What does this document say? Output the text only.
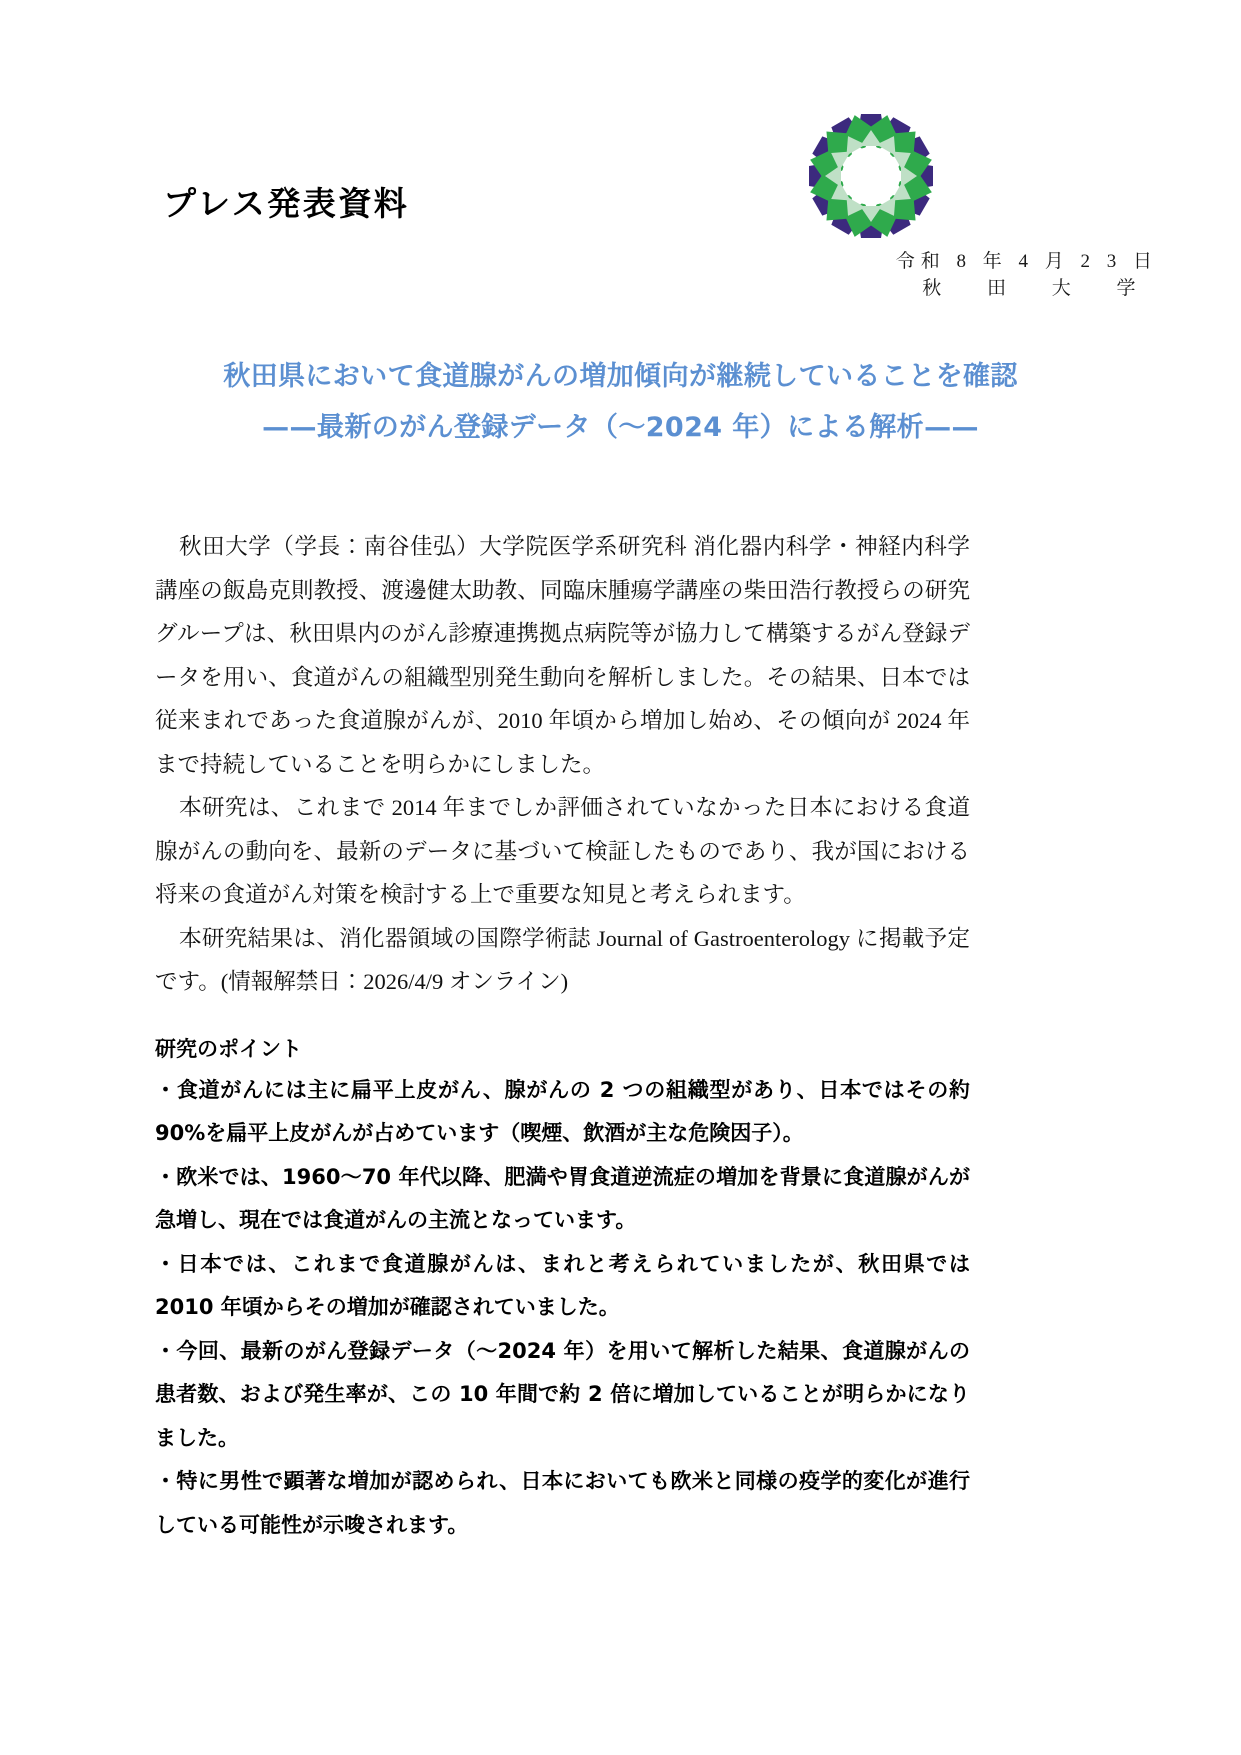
プレス発表資料
令和 8 年 4 月 2 3 日
秋 田 大 学
秋田県において食道腺がんの増加傾向が継続していることを確認
——最新のがん登録データ（〜2024 年）による解析——

秋田大学（学長：南谷佳弘）大学院医学系研究科 消化器内科学・神経内科学講座の飯島克則教授、渡邊健太助教、同臨床腫瘍学講座の柴田浩行教授らの研究グループは、秋田県内のがん診療連携拠点病院等が協力して構築するがん登録データを用い、食道がんの組織型別発生動向を解析しました。その結果、日本では従来まれであった食道腺がんが、2010 年頃から増加し始め、その傾向が 2024 年まで持続していることを明らかにしました。

本研究は、これまで 2014 年までしか評価されていなかった日本における食道腺がんの動向を、最新のデータに基づいて検証したものであり、我が国における将来の食道がん対策を検討する上で重要な知見と考えられます。

本研究結果は、消化器領域の国際学術誌 Journal of Gastroenterology に掲載予定です。(情報解禁日：2026/4/9 オンライン)

研究のポイント
・食道がんには主に扁平上皮がん、腺がんの 2 つの組織型があり、日本ではその約 90%を扁平上皮がんが占めています（喫煙、飲酒が主な危険因子）。
・欧米では、1960〜70 年代以降、肥満や胃食道逆流症の増加を背景に食道腺がんが急増し、現在では食道がんの主流となっています。
・日本では、これまで食道腺がんは、まれと考えられていましたが、秋田県では 2010 年頃からその増加が確認されていました。
・今回、最新のがん登録データ（〜2024 年）を用いて解析した結果、食道腺がんの患者数、および発生率が、この 10 年間で約 2 倍に増加していることが明らかになりました。
・特に男性で顕著な増加が認められ、日本においても欧米と同様の疫学的変化が進行している可能性が示唆されます。
